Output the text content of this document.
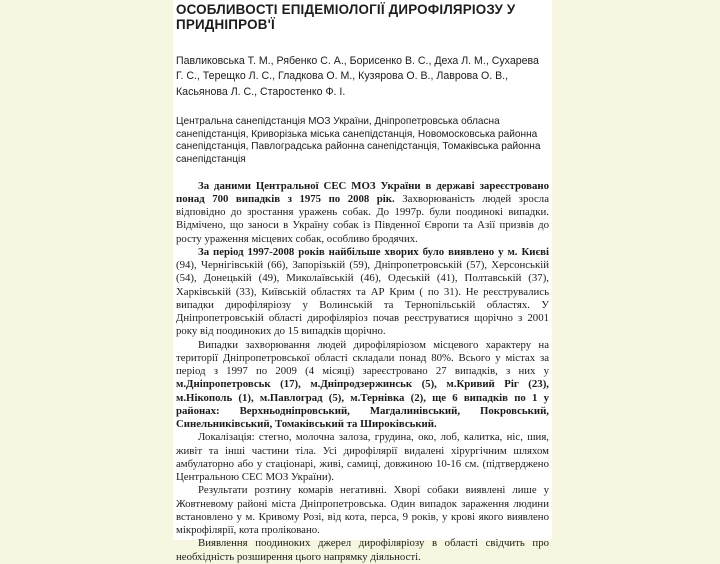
ОСОБЛИВОСТІ ЕПІДЕМІОЛОГІЇ ДИРОФІЛЯРІОЗУ У ПРИДНІПРОВ'Ї
Павликовська Т. М., Рябенко С. А., Борисенко В. С., Деха Л. М., Сухарева Г. С., Терещко Л. С., Гладкова О. М., Кузярова О. В., Лаврова О. В., Касьянова Л. С., Старостенко Ф. І.
Центральна санепідстанція МОЗ України, Дніпропетровська обласна санепідстанція, Криворізька міська санепідстанція, Новомосковська районна санепідстанція, Павлоградська районна санепідстанція, Томаківська районна санепідстанція

За даними Центральної СЕС МОЗ України в державі зареєстровано понад 700 випадків з 1975 по 2008 рік. Захворюваність людей зросла відповідно до зростання уражень собак. До 1997р. були поодинокі випадки. Відмічено, що заноси в Україну собак із Південної Європи та Азії призвів до росту ураження місцевих собак, особливо бродячих.

За період 1997-2008 років найбільше хворих було виявлено у м. Києві (94), Чернігівській (66), Запорізькій (59), Дніпропетровській (57), Херсонській (54), Донецькій (49), Миколаївській (46), Одеській (41), Полтавській (37), Харківській (33), Київській областях та АР Крим ( по 31). Не реєструвались випадки дирофіляріозу у Волинській та Тернопільській областях. У Дніпропетровській області дирофіляріоз почав реєструватися щорічно з 2001 року від поодиноких до 15 випадків щорічно.

Випадки захворювання людей дирофіляріозом місцевого характеру на території Дніпропетровської області складали понад 80%. Всього у містах за період з 1997 по 2009 (4 місяці) зареєстровано 27 випадків, з них у м.Дніпропетровськ (17), м.Дніпродзержинськ (5), м.Кривий Ріг (23), м.Нікополь (1), м.Павлоград (5), м.Тернівка (2), ще 6 випадків по 1 у районах: Верхньодніпровський, Магдалинівський, Покровський, Синельниківський, Томаківський та Широківський.

Локалізація: стегно, молочна залоза, грудина, око, лоб, калитка, ніс, шия, живіт та інші частини тіла. Усі дирофілярії видалені хірургічним шляхом амбулаторно або у стаціонарі, живі, самиці, довжиною 10-16 см. (підтверджено Центральною СЕС МОЗ України).

Результати розтину комарів негативні. Хворі собаки виявлені лише у Жовтневому районі міста Дніпропетровська. Один випадок зараження людини встановлено у м. Кривому Розі, від кота, перса, 9 років, у крові якого виявлено мікрофілярії, кота пролікованo.

Виявлення поодиноких джерел дирофіляріозу в області свідчить про необхідність розширення цього напрямку діяльності.
